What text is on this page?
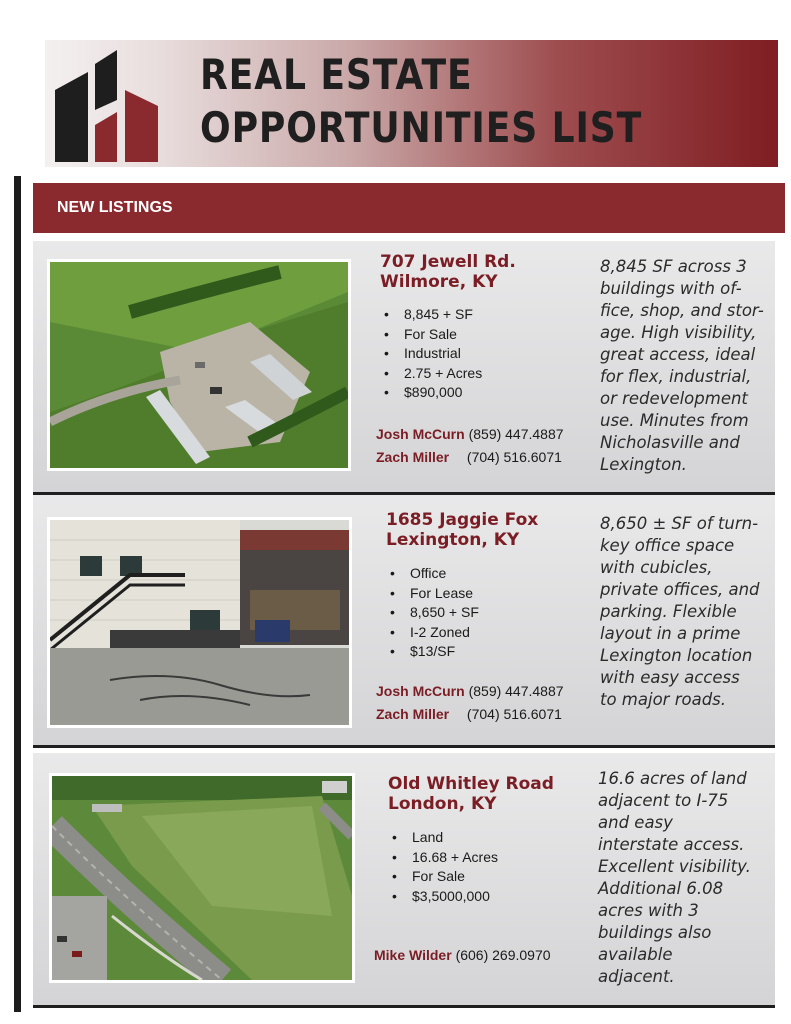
REAL ESTATE
OPPORTUNITIES LIST
NEW LISTINGS
707 Jewell Rd.
Wilmore, KY
• 8,845 + SF
• For Sale
• Industrial
• 2.75 + Acres
• $890,000
Josh McCurn (859) 447.4887
Zach Miller (704) 516.6071
8,845 SF across 3
buildings with of-
fice, shop, and stor-
age. High visibility,
great access, ideal
for flex, industrial,
or redevelopment
use. Minutes from
Nicholasville and
Lexington.
1685 Jaggie Fox
Lexington, KY
• Office
• For Lease
• 8,650 + SF
• I-2 Zoned
• $13/SF
Josh McCurn (859) 447.4887
Zach Miller (704) 516.6071
8,650 ± SF of turn-
key office space
with cubicles,
private offices, and
parking. Flexible
layout in a prime
Lexington location
with easy access
to major roads.
Old Whitley Road
London, KY
• Land
• 16.68 + Acres
• For Sale
• $3,5000,000
Mike Wilder (606) 269.0970
16.6 acres of land
adjacent to I-75
and easy
interstate access.
Excellent visibility.
Additional 6.08
acres with 3
buildings also
available
adjacent.
